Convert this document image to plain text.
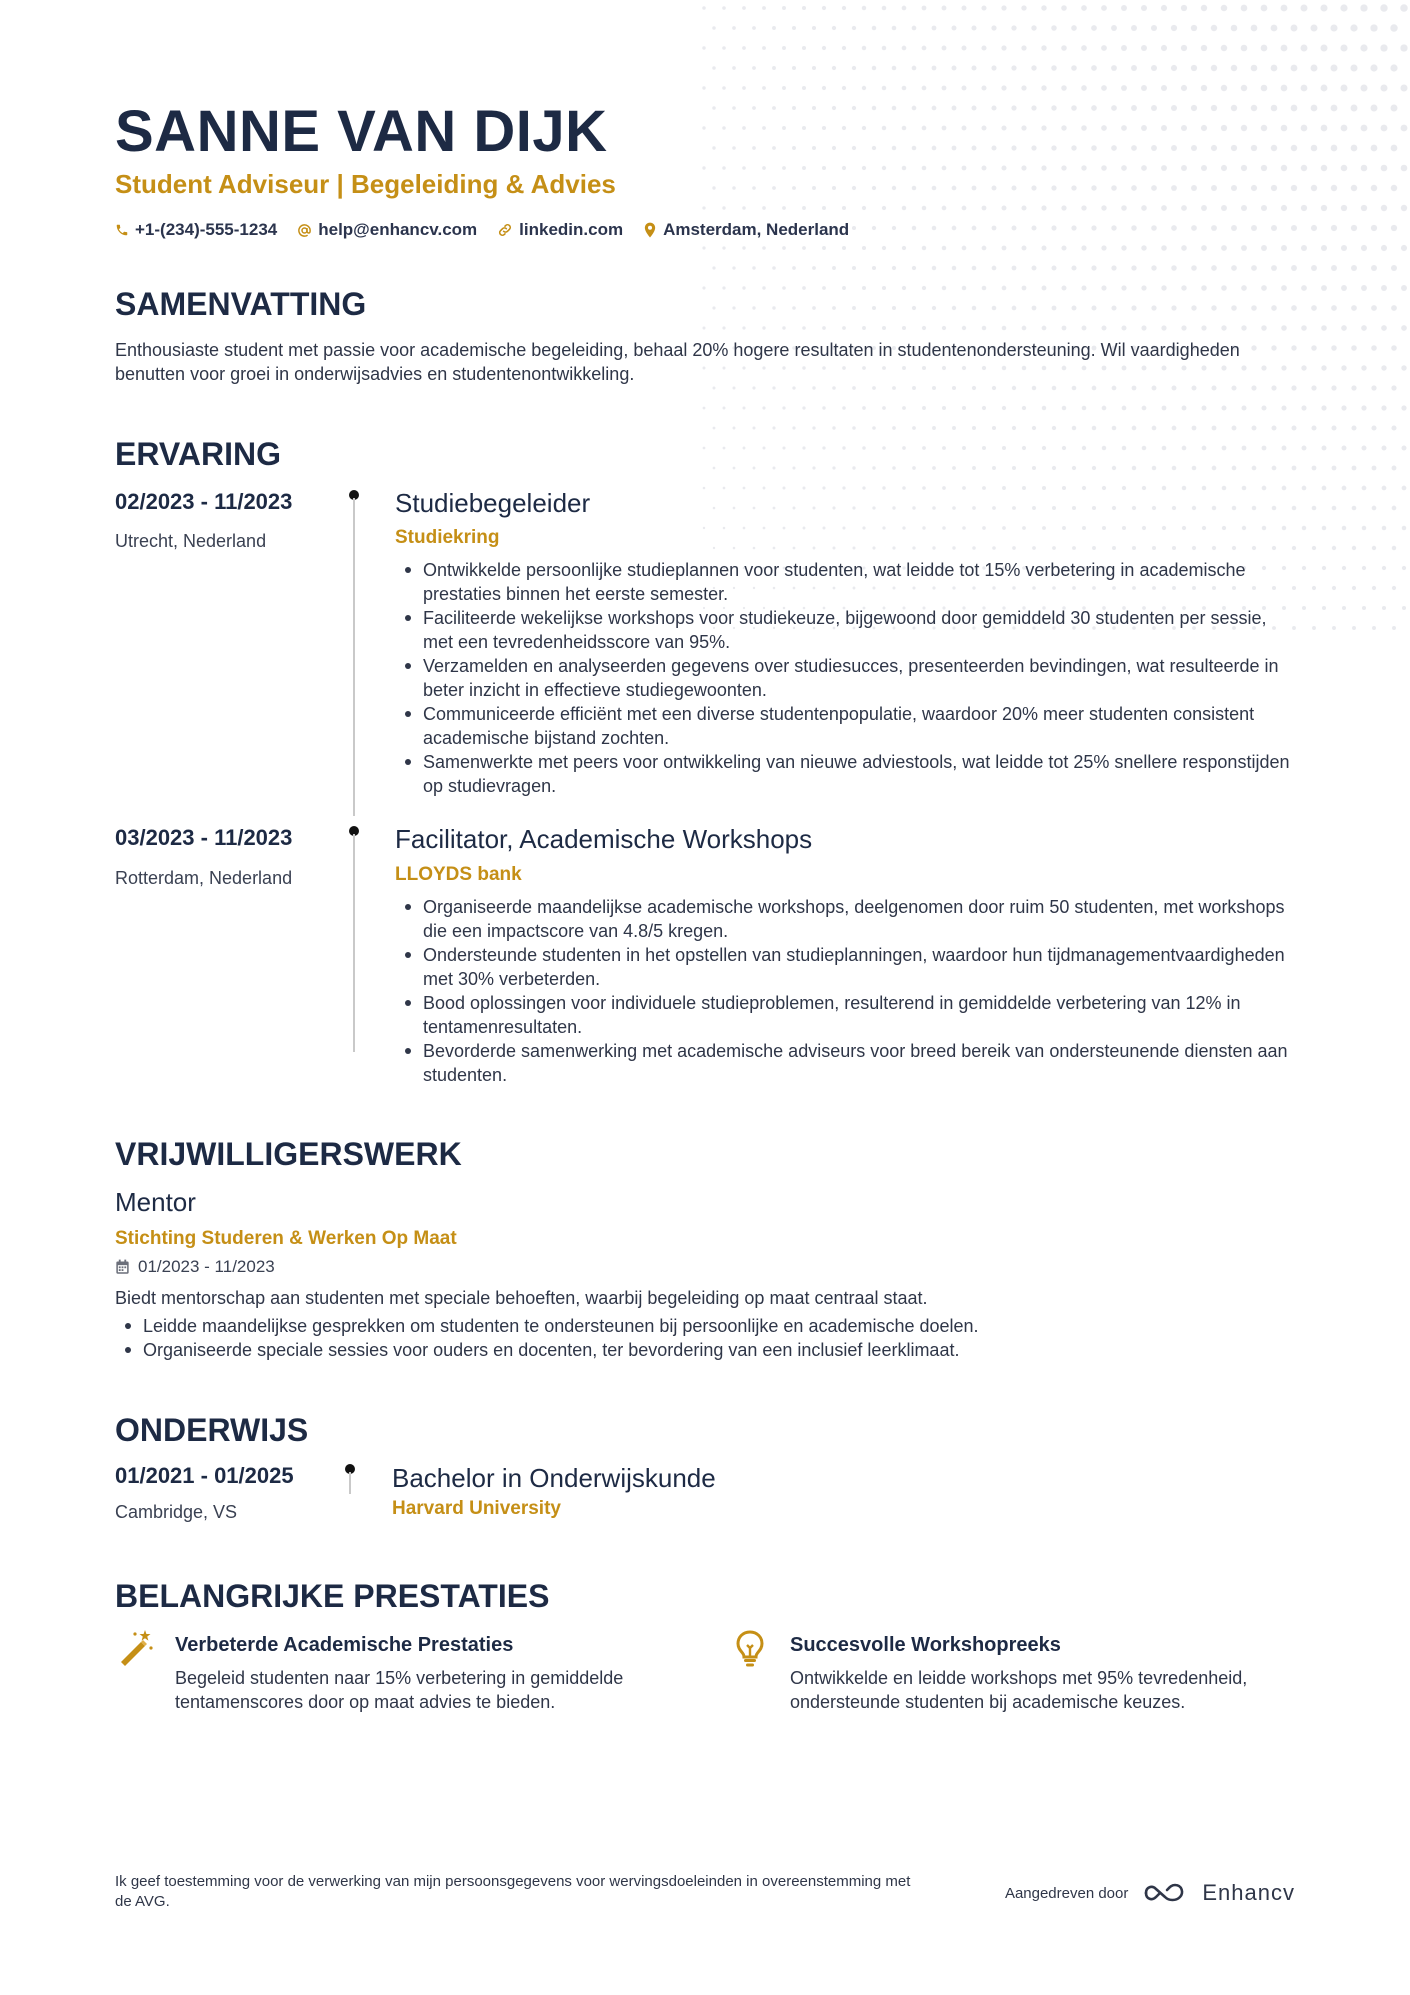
SANNE VAN DIJK
Student Adviseur | Begeleiding & Advies
+1-(234)-555-1234 help@enhancv.com linkedin.com Amsterdam, Nederland
SAMENVATTING
Enthousiaste student met passie voor academische begeleiding, behaal 20% hogere resultaten in studentenondersteuning. Wil vaardigheden benutten voor groei in onderwijsadvies en studentenontwikkeling.
ERVARING
02/2023 - 11/2023
Utrecht, Nederland
Studiebegeleider
Studiekring
Ontwikkelde persoonlijke studieplannen voor studenten, wat leidde tot 15% verbetering in academische prestaties binnen het eerste semester.
Faciliteerde wekelijkse workshops voor studiekeuze, bijgewoond door gemiddeld 30 studenten per sessie, met een tevredenheidsscore van 95%.
Verzamelden en analyseerden gegevens over studiesucces, presenteerden bevindingen, wat resulteerde in beter inzicht in effectieve studiegewoonten.
Communiceerde efficiënt met een diverse studentenpopulatie, waardoor 20% meer studenten consistent academische bijstand zochten.
Samenwerkte met peers voor ontwikkeling van nieuwe adviestools, wat leidde tot 25% snellere responstijden op studievragen.
03/2023 - 11/2023
Rotterdam, Nederland
Facilitator, Academische Workshops
LLOYDS bank
Organiseerde maandelijkse academische workshops, deelgenomen door ruim 50 studenten, met workshops die een impactscore van 4.8/5 kregen.
Ondersteunde studenten in het opstellen van studieplanningen, waardoor hun tijdmanagementvaardigheden met 30% verbeterden.
Bood oplossingen voor individuele studieproblemen, resulterend in gemiddelde verbetering van 12% in tentamenresultaten.
Bevorderde samenwerking met academische adviseurs voor breed bereik van ondersteunende diensten aan studenten.
VRIJWILLIGERSWERK
Mentor
Stichting Studeren & Werken Op Maat
01/2023 - 11/2023
Biedt mentorschap aan studenten met speciale behoeften, waarbij begeleiding op maat centraal staat.
Leidde maandelijkse gesprekken om studenten te ondersteunen bij persoonlijke en academische doelen.
Organiseerde speciale sessies voor ouders en docenten, ter bevordering van een inclusief leerklimaat.
ONDERWIJS
01/2021 - 01/2025
Cambridge, VS
Bachelor in Onderwijskunde
Harvard University
BELANGRIJKE PRESTATIES
Verbeterde Academische Prestaties
Begeleid studenten naar 15% verbetering in gemiddelde tentamenscores door op maat advies te bieden.
Succesvolle Workshopreeks
Ontwikkelde en leidde workshops met 95% tevredenheid, ondersteunde studenten bij academische keuzes.
Ik geef toestemming voor de verwerking van mijn persoonsgegevens voor wervingsdoeleinden in overeenstemming met de AVG.	Aangedreven door	Enhancv
